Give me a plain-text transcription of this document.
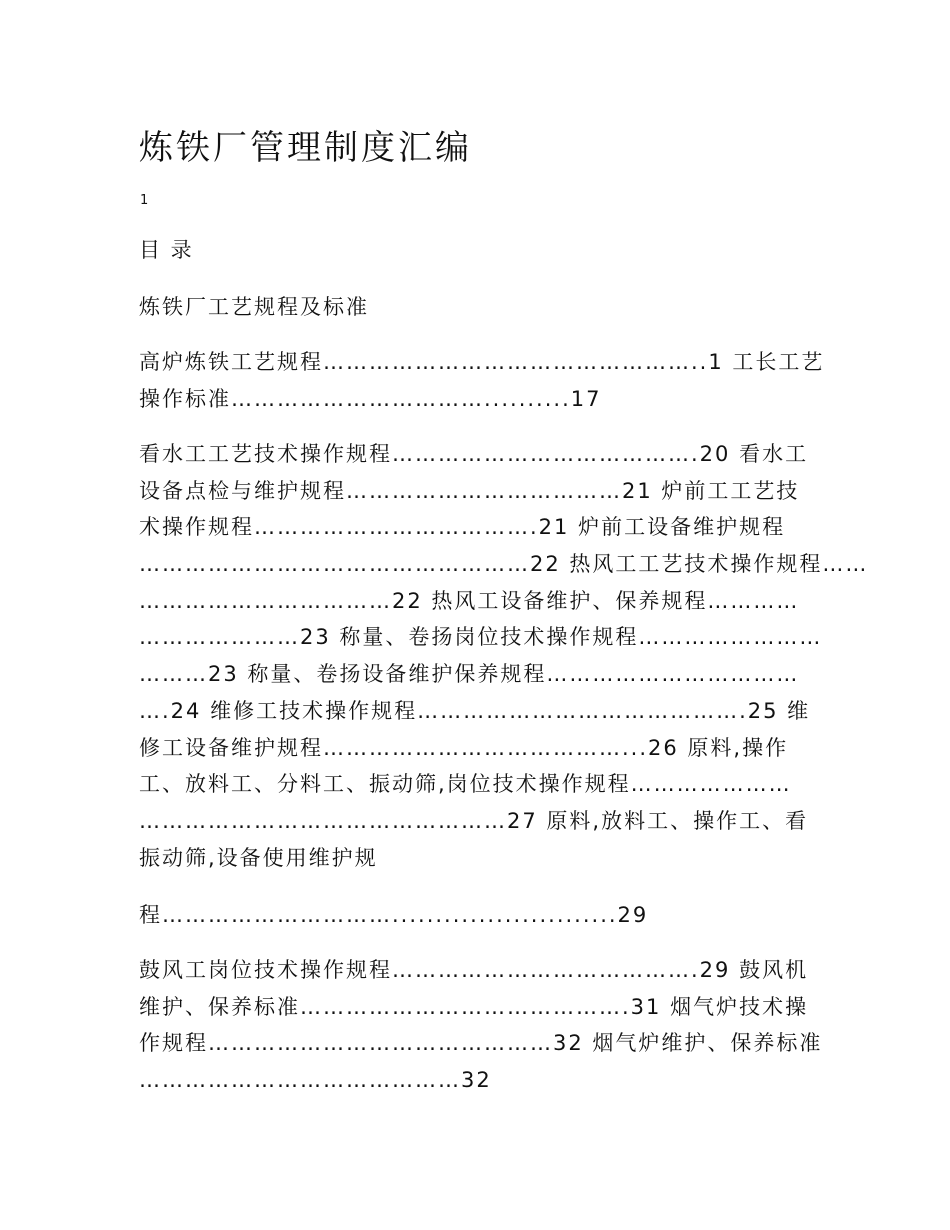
炼铁厂管理制度汇编
1

目 录

炼铁厂工艺规程及标准

高炉炼铁工艺规程…………………………………………..1 工长工艺
操作标准……………………………..........17

看水工工艺技术操作规程………………………………….20 看水工
设备点检与维护规程………………………………21 炉前工工艺技
术操作规程……………………………….21 炉前工设备维护规程
……………………………………………22 热风工工艺技术操作规程……
……………………………22 热风工设备维护、保养规程…………
…………………23 称量、卷扬岗位技术操作规程……………………
………23 称量、卷扬设备维护保养规程……………………………
….24 维修工技术操作规程…………………………………….25 维
修工设备维护规程…………………………………...26 原料,操作
工、放料工、分料工、振动筛,岗位技术操作规程…………………
…………………………………………27 原料,放料工、操作工、看
振动筛,设备使用维护规

程…………………………..........................29

鼓风工岗位技术操作规程………………………………….29 鼓风机
维护、保养标准…………………………………….31 烟气炉技术操
作规程………………………………………32 烟气炉维护、保养标准
……………………………………32
